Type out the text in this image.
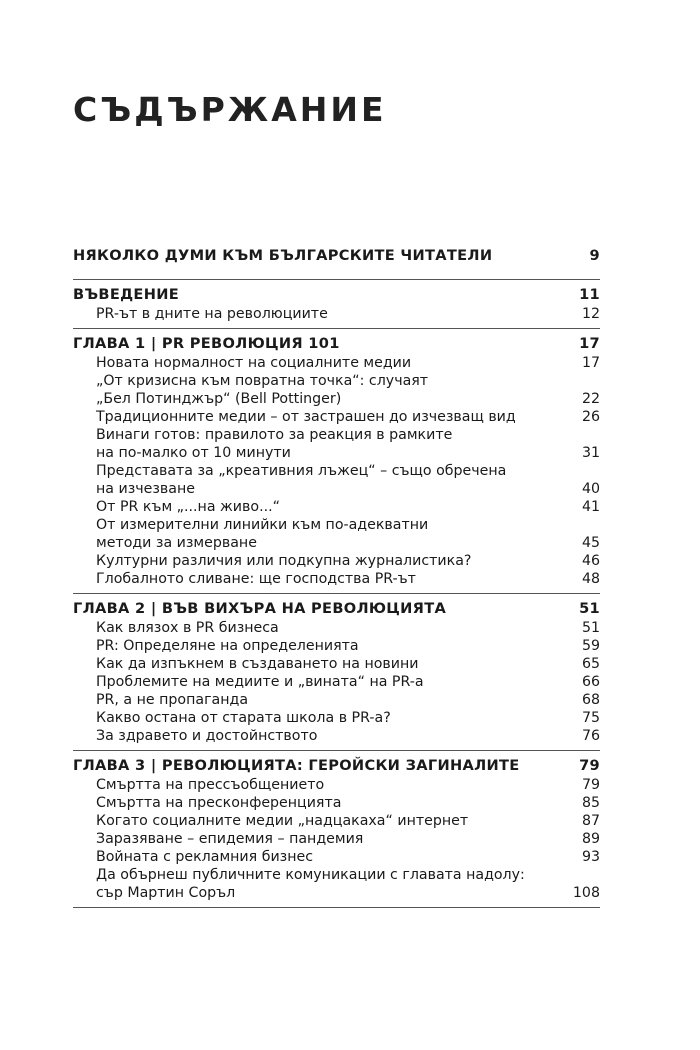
СЪДЪРЖАНИЕ
НЯКОЛКО ДУМИ КЪМ БЪЛГАРСКИТЕ ЧИТАТЕЛИ	9
ВЪВЕДЕНИЕ	11
PR-ът в дните на революциите	12
ГЛАВА 1 | PR РЕВОЛЮЦИЯ 101	17
Новата нормалност на социалните медии	17
„От кризисна към повратна точка“: случаят
„Бел Потинджър“ (Bell Pottinger)	22
Традиционните медии – от застрашен до изчезващ вид	26
Винаги готов: правилото за реакция в рамките
на по-малко от 10 минути	31
Представата за „креативния лъжец“ – също обречена
на изчезване	40
От PR към „...на живо...“	41
От измерителни линийки към по-адекватни
методи за измерване	45
Културни различия или подкупна журналистика?	46
Глобалното сливане: ще господства PR-ът	48
ГЛАВА 2 | ВЪВ ВИХЪРА НА РЕВОЛЮЦИЯТА	51
Как влязох в PR бизнеса	51
PR: Определяне на определенията	59
Как да изпъкнем в създаването на новини	65
Проблемите на медиите и „вината“ на PR-а	66
PR, а не пропаганда	68
Какво остана от старата школа в PR-а?	75
За здравето и достойнството	76
ГЛАВА 3 | РЕВОЛЮЦИЯТА: ГЕРОЙСКИ ЗАГИНАЛИТЕ	79
Смъртта на прессъобщението	79
Смъртта на пресконференцията	85
Когато социалните медии „надцакаха“ интернет	87
Заразяване – епидемия – пандемия	89
Войната с рекламния бизнес	93
Да обърнеш публичните комуникации с главата надолу:
сър Мартин Соръл	108
